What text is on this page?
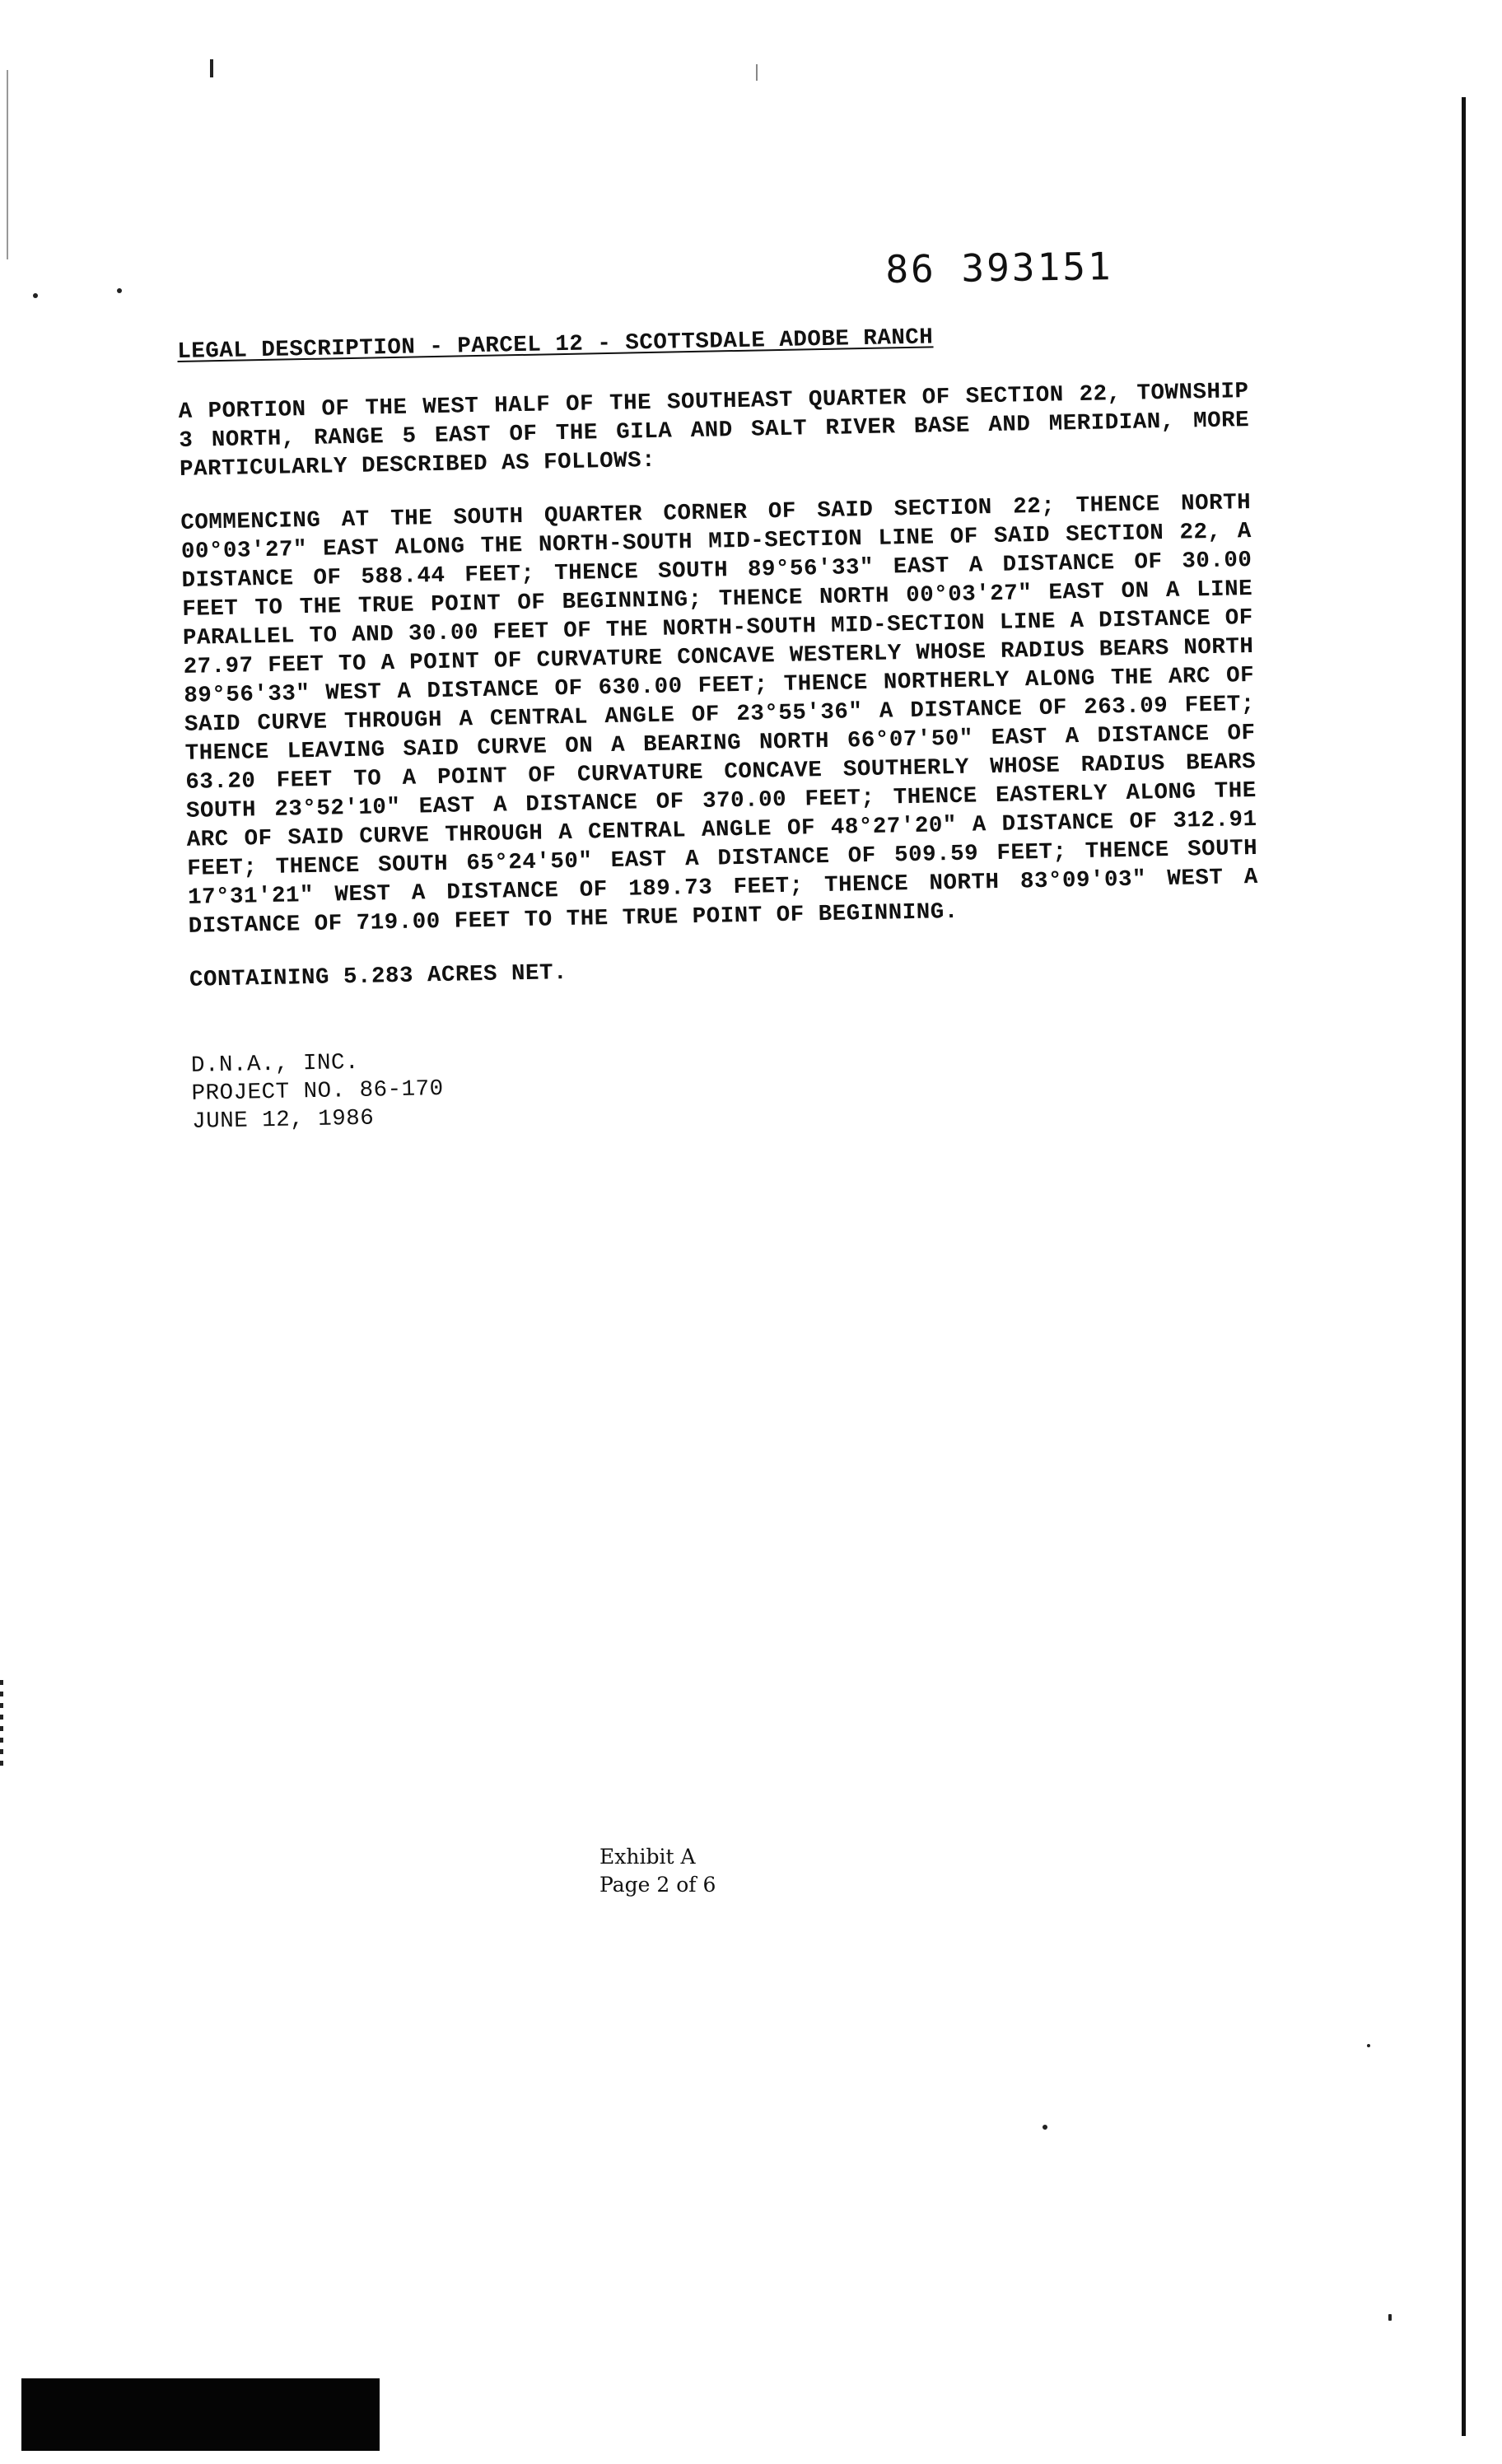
86 393151
LEGAL DESCRIPTION - PARCEL 12 - SCOTTSDALE ADOBE RANCH
A PORTION OF THE WEST HALF OF THE SOUTHEAST QUARTER OF SECTION 22, TOWNSHIP 3 NORTH, RANGE 5 EAST OF THE GILA AND SALT RIVER BASE AND MERIDIAN, MORE PARTICULARLY DESCRIBED AS FOLLOWS:
COMMENCING AT THE SOUTH QUARTER CORNER OF SAID SECTION 22; THENCE NORTH 00°03'27" EAST ALONG THE NORTH-SOUTH MID-SECTION LINE OF SAID SECTION 22, A DISTANCE OF 588.44 FEET; THENCE SOUTH 89°56'33" EAST A DISTANCE OF 30.00 FEET TO THE TRUE POINT OF BEGINNING; THENCE NORTH 00°03'27" EAST ON A LINE PARALLEL TO AND 30.00 FEET OF THE NORTH-SOUTH MID-SECTION LINE A DISTANCE OF 27.97 FEET TO A POINT OF CURVATURE CONCAVE WESTERLY WHOSE RADIUS BEARS NORTH 89°56'33" WEST A DISTANCE OF 630.00 FEET; THENCE NORTHERLY ALONG THE ARC OF SAID CURVE THROUGH A CENTRAL ANGLE OF 23°55'36" A DISTANCE OF 263.09 FEET; THENCE LEAVING SAID CURVE ON A BEARING NORTH 66°07'50" EAST A DISTANCE OF 63.20 FEET TO A POINT OF CURVATURE CONCAVE SOUTHERLY WHOSE RADIUS BEARS SOUTH 23°52'10" EAST A DISTANCE OF 370.00 FEET; THENCE EASTERLY ALONG THE ARC OF SAID CURVE THROUGH A CENTRAL ANGLE OF 48°27'20" A DISTANCE OF 312.91 FEET; THENCE SOUTH 65°24'50" EAST A DISTANCE OF 509.59 FEET; THENCE SOUTH 17°31'21" WEST A DISTANCE OF 189.73 FEET; THENCE NORTH 83°09'03" WEST A DISTANCE OF 719.00 FEET TO THE TRUE POINT OF BEGINNING.
CONTAINING 5.283 ACRES NET.
D.N.A., INC.
PROJECT NO. 86-170
JUNE 12, 1986
Exhibit A
Page 2 of 6
